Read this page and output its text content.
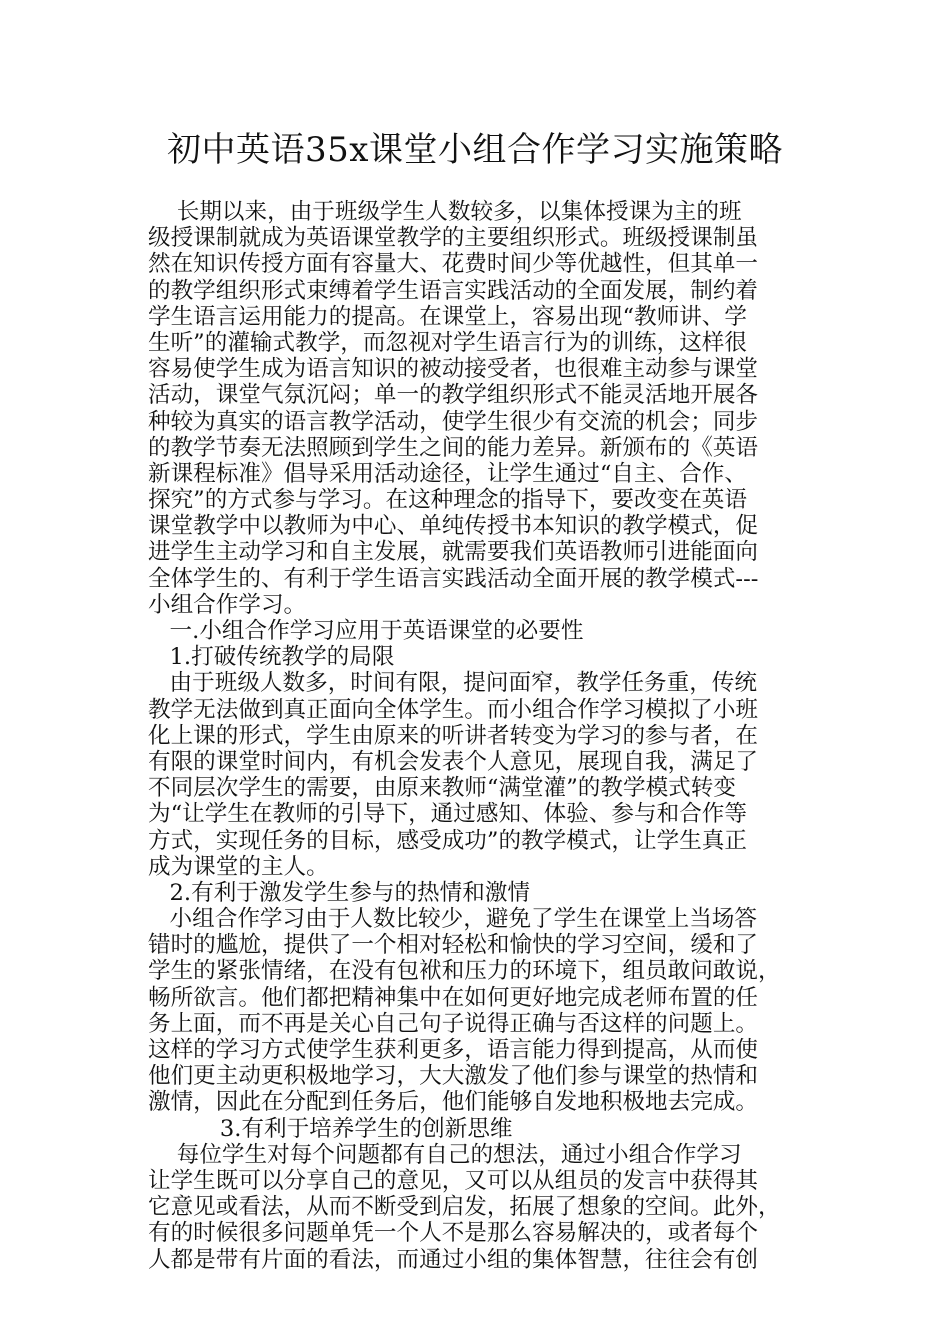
初中英语35x课堂小组合作学习实施策略
长期以来，由于班级学生人数较多，以集体授课为主的班
级授课制就成为英语课堂教学的主要组织形式。班级授课制虽
然在知识传授方面有容量大、花费时间少等优越性，但其单一
的教学组织形式束缚着学生语言实践活动的全面发展，制约着
学生语言运用能力的提高。在课堂上，容易出现“教师讲、学
生听”的灌输式教学，而忽视对学生语言行为的训练，这样很
容易使学生成为语言知识的被动接受者，也很难主动参与课堂
活动，课堂气氛沉闷；单一的教学组织形式不能灵活地开展各
种较为真实的语言教学活动，使学生很少有交流的机会；同步
的教学节奏无法照顾到学生之间的能力差异。新颁布的《英语
新课程标准》倡导采用活动途径，让学生通过“自主、合作、
探究”的方式参与学习。在这种理念的指导下，要改变在英语
课堂教学中以教师为中心、单纯传授书本知识的教学模式，促
进学生主动学习和自主发展，就需要我们英语教师引进能面向
全体学生的、有利于学生语言实践活动全面开展的教学模式---
小组合作学习。
一.小组合作学习应用于英语课堂的必要性
1.打破传统教学的局限
由于班级人数多，时间有限，提问面窄，教学任务重，传统
教学无法做到真正面向全体学生。而小组合作学习模拟了小班
化上课的形式，学生由原来的听讲者转变为学习的参与者，在
有限的课堂时间内，有机会发表个人意见，展现自我，满足了
不同层次学生的需要，由原来教师“满堂灌”的教学模式转变
为“让学生在教师的引导下，通过感知、体验、参与和合作等
方式，实现任务的目标，感受成功”的教学模式，让学生真正
成为课堂的主人。
2.有利于激发学生参与的热情和激情
小组合作学习由于人数比较少，避免了学生在课堂上当场答
错时的尴尬，提供了一个相对轻松和愉快的学习空间，缓和了
学生的紧张情绪，在没有包袱和压力的环境下，组员敢问敢说，
畅所欲言。他们都把精神集中在如何更好地完成老师布置的任
务上面，而不再是关心自己句子说得正确与否这样的问题上。
这样的学习方式使学生获利更多，语言能力得到提高，从而使
他们更主动更积极地学习，大大激发了他们参与课堂的热情和
激情，因此在分配到任务后，他们能够自发地积极地去完成。
3.有利于培养学生的创新思维
每位学生对每个问题都有自己的想法，通过小组合作学习
让学生既可以分享自己的意见，又可以从组员的发言中获得其
它意见或看法，从而不断受到启发，拓展了想象的空间。此外，
有的时候很多问题单凭一个人不是那么容易解决的，或者每个
人都是带有片面的看法，而通过小组的集体智慧，往往会有创
